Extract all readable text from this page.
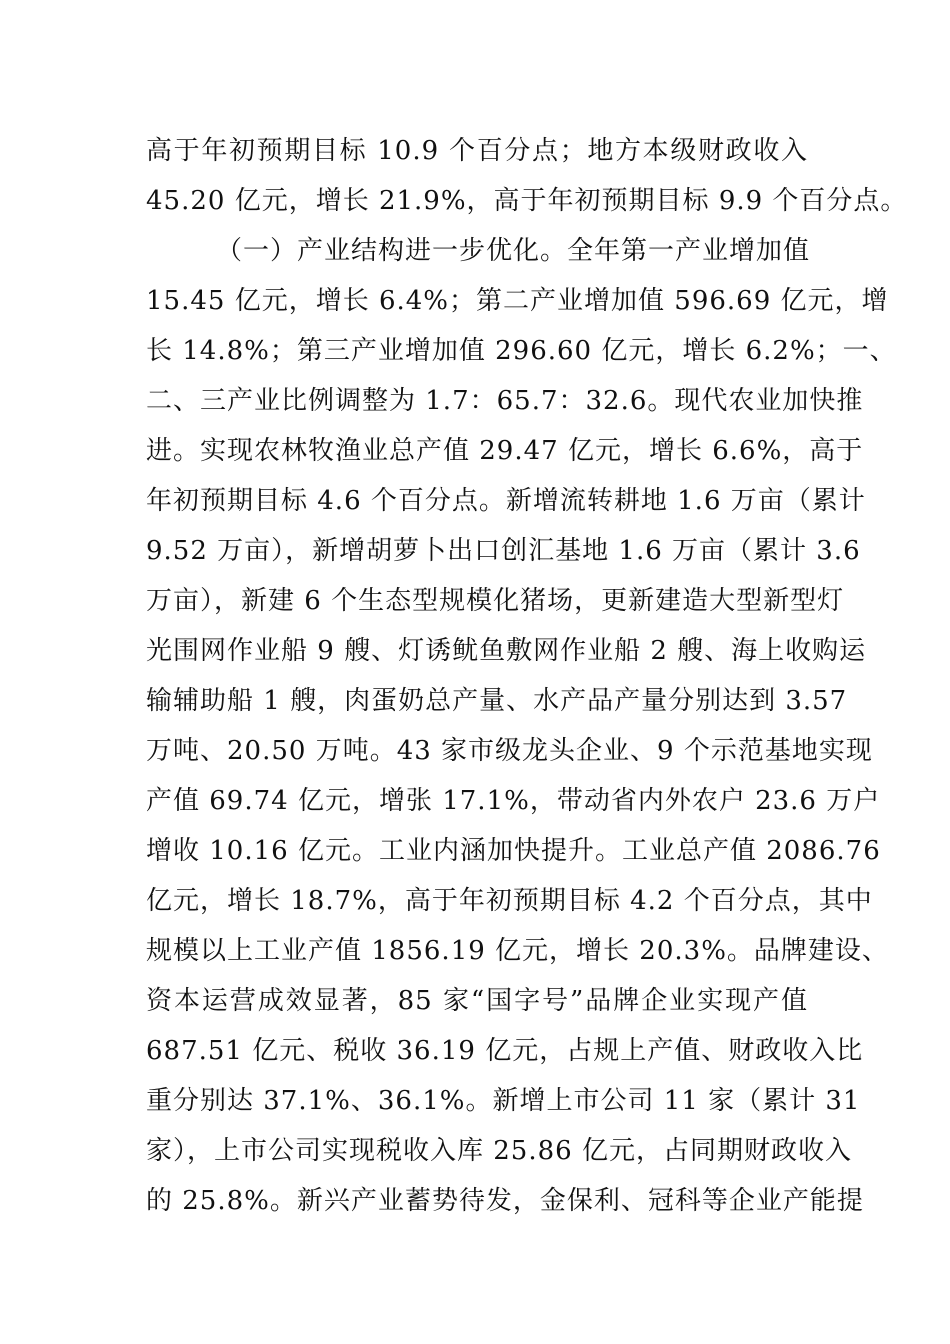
高于年初预期目标 10.9 个百分点；地方本级财政收入
45.20 亿元，增长 21.9%，高于年初预期目标 9.9 个百分点。
（一）产业结构进一步优化。全年第一产业增加值
15.45 亿元，增长 6.4%；第二产业增加值 596.69 亿元，增
长 14.8%；第三产业增加值 296.60 亿元，增长 6.2%；一、
二、三产业比例调整为 1.7：65.7：32.6。现代农业加快推
进。实现农林牧渔业总产值 29.47 亿元，增长 6.6%，高于
年初预期目标 4.6 个百分点。新增流转耕地 1.6 万亩（累计
9.52 万亩），新增胡萝卜出口创汇基地 1.6 万亩（累计 3.6
万亩），新建 6 个生态型规模化猪场，更新建造大型新型灯
光围网作业船 9 艘、灯诱鱿鱼敷网作业船 2 艘、海上收购运
输辅助船 1 艘，肉蛋奶总产量、水产品产量分别达到 3.57
万吨、20.50 万吨。43 家市级龙头企业、9 个示范基地实现
产值 69.74 亿元，增张 17.1%，带动省内外农户 23.6 万户
增收 10.16 亿元。工业内涵加快提升。工业总产值 2086.76
亿元，增长 18.7%，高于年初预期目标 4.2 个百分点，其中
规模以上工业产值 1856.19 亿元，增长 20.3%。品牌建设、
资本运营成效显著，85 家“国字号”品牌企业实现产值
687.51 亿元、税收 36.19 亿元，占规上产值、财政收入比
重分别达 37.1%、36.1%。新增上市公司 11 家（累计 31
家），上市公司实现税收入库 25.86 亿元，占同期财政收入
的 25.8%。新兴产业蓄势待发，金保利、冠科等企业产能提
